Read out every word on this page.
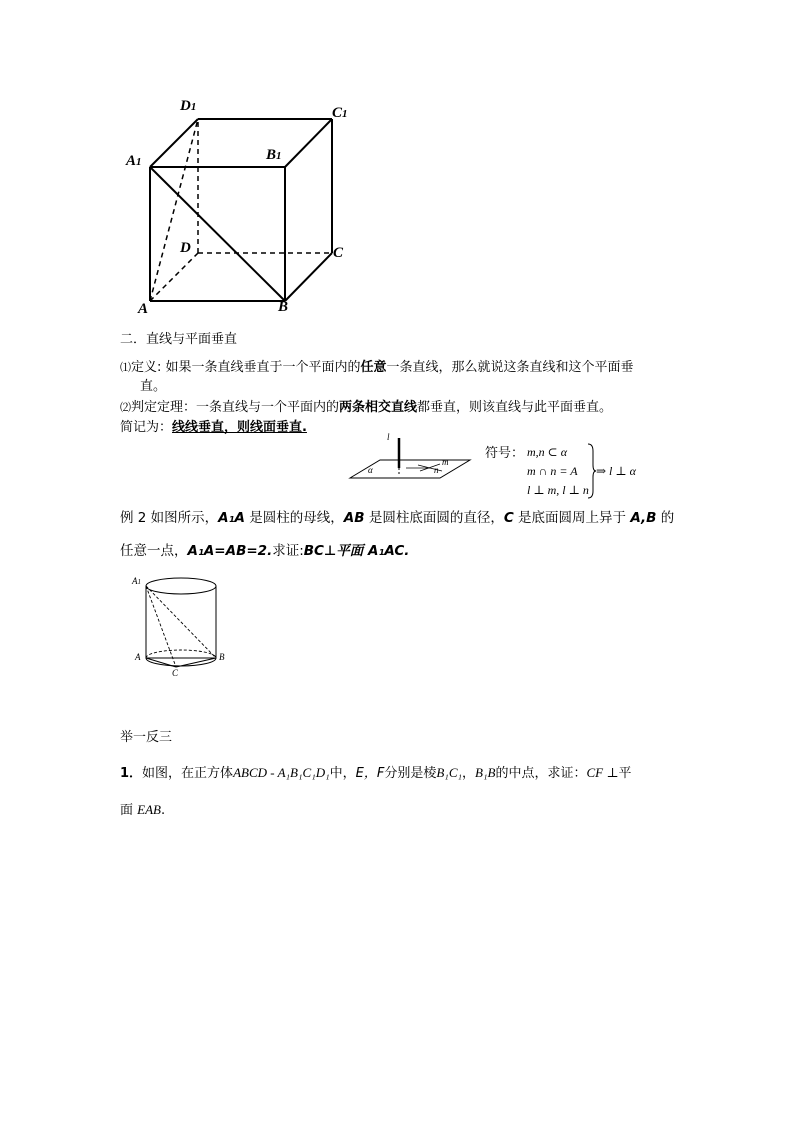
D1	C1
A1	B1
D	C
A	B
二．直线与平面垂直
⑴定义: 如果一条直线垂直于一个平面内的任意一条直线，那么就说这条直线和这个平面垂
直。
⑵判定定理：一条直线与一个平面内的两条相交直线都垂直，则该直线与此平面垂直。
简记为：线线垂直，则线面垂直.
l
α
m
n
符号： m,n ⊂ α
m ∩ n = A
l ⊥ m, l ⊥ n
⇒ l ⊥ α
例 2 如图所示，A₁A 是圆柱的母线，AB 是圆柱底面圆的直径，C 是底面圆周上异于 A,B 的
任意一点，A₁A=AB=2.求证:BC⊥平面 A₁AC.
A1
A	B
C
举一反三
1．如图，在正方体ABCD - A₁B₁C₁D₁中，E，F分别是棱B₁C₁，B₁B的中点，求证：CF ⊥平
面 EAB.
